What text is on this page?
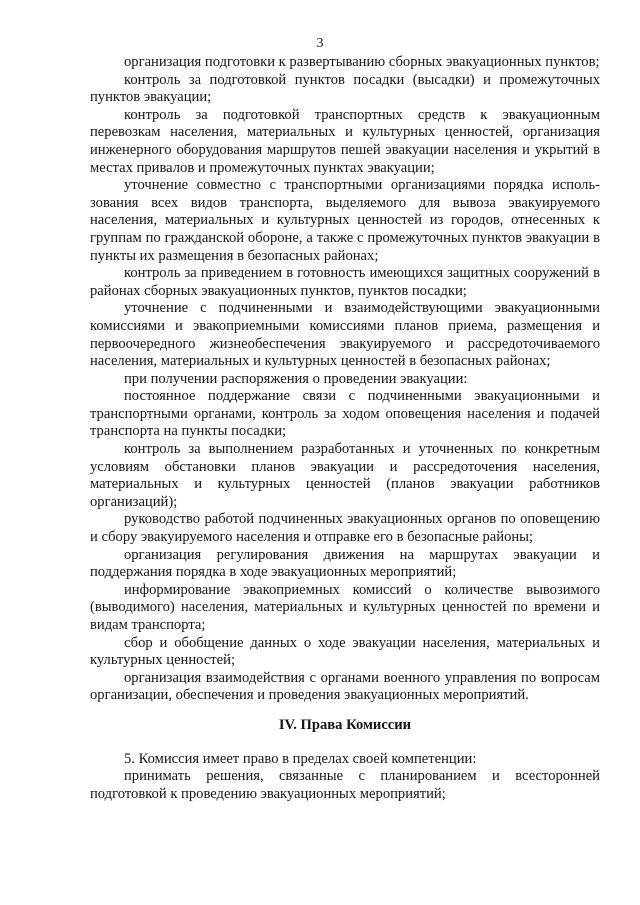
3

организация подготовки к развертыванию сборных эвакуационных пунктов;

контроль за подготовкой пунктов посадки (высадки) и промежуточных пунктов эвакуации;

контроль за подготовкой транспортных средств к эвакуационным перевозкам населения, материальных и культурных ценностей, организация инженерного оборудования маршрутов пешей эвакуации населения и укрытий в местах привалов и промежуточных пунктах эвакуации;

уточнение совместно с транспортными организациями порядка использования всех видов транспорта, выделяемого для вывоза эвакуируемого населения, материальных и культурных ценностей из городов, отнесенных к группам по гражданской обороне, а также с промежуточных пунктов эвакуации в пункты их размещения в безопасных районах;

контроль за приведением в готовность имеющихся защитных сооружений в районах сборных эвакуационных пунктов, пунктов посадки;

уточнение с подчиненными и взаимодействующими эвакуационными комиссиями и эвакоприемными комиссиями планов приема, размещения и первоочередного жизнеобеспечения эвакуируемого и рассредоточиваемого населения, материальных и культурных ценностей в безопасных районах;

при получении распоряжения о проведении эвакуации:

постоянное поддержание связи с подчиненными эвакуационными и транспортными органами, контроль за ходом оповещения населения и подачей транспорта на пункты посадки;

контроль за выполнением разработанных и уточненных по конкретным условиям обстановки планов эвакуации и рассредоточения населения, материальных и культурных ценностей (планов эвакуации работников организаций);

руководство работой подчиненных эвакуационных органов по оповещению и сбору эвакуируемого населения и отправке его в безопасные районы;

организация регулирования движения на маршрутах эвакуации и поддержания порядка в ходе эвакуационных мероприятий;

информирование эвакоприемных комиссий о количестве вывозимого (выводимого) населения, материальных и культурных ценностей по времени и видам транспорта;

сбор и обобщение данных о ходе эвакуации населения, материальных и культурных ценностей;

организация взаимодействия с органами военного управления по вопросам организации, обеспечения и проведения эвакуационных мероприятий.

IV. Права Комиссии

5. Комиссия имеет право в пределах своей компетенции:

принимать решения, связанные с планированием и всесторонней подготовкой к проведению эвакуационных мероприятий;
